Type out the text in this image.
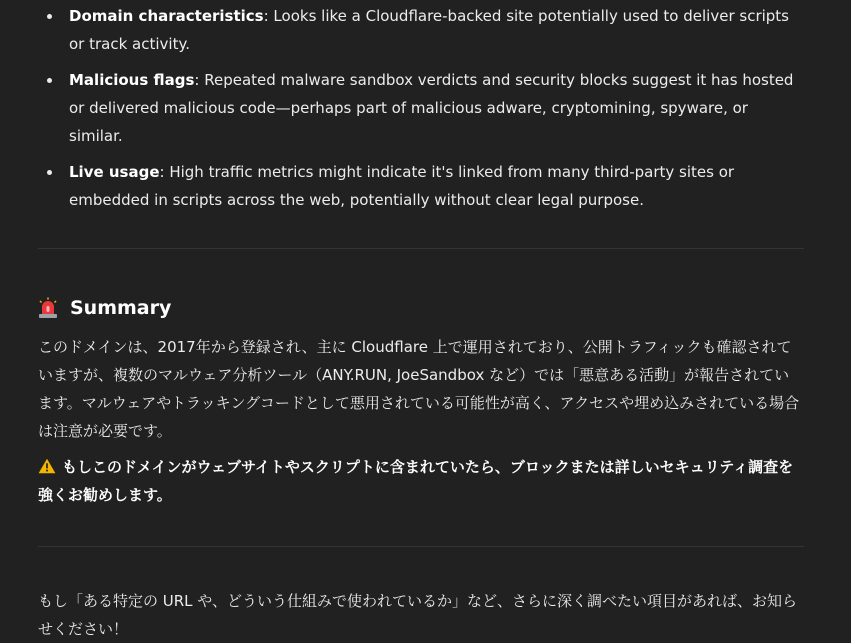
Domain characteristics: Looks like a Cloudflare-backed site potentially used to deliver scripts or track activity.
Malicious flags: Repeated malware sandbox verdicts and security blocks suggest it has hosted or delivered malicious code—perhaps part of malicious adware, cryptomining, spyware, or similar.
Live usage: High traffic metrics might indicate it's linked from many third-party sites or embedded in scripts across the web, potentially without clear legal purpose.
Summary
このドメインは、2017年から登録され、主に Cloudflare 上で運用されており、公開トラフィックも確認されていますが、複数のマルウェア分析ツール（ANY.RUN, JoeSandbox など）では「悪意ある活動」が報告されています。マルウェアやトラッキングコードとして悪用されている可能性が高く、アクセスや埋め込みされている場合は注意が必要です。
もしこのドメインがウェブサイトやスクリプトに含まれていたら、ブロックまたは詳しいセキュリティ調査を強くお勧めします。
もし「ある特定の URL や、どういう仕組みで使われているか」など、さらに深く調べたい項目があれば、お知らせください！
